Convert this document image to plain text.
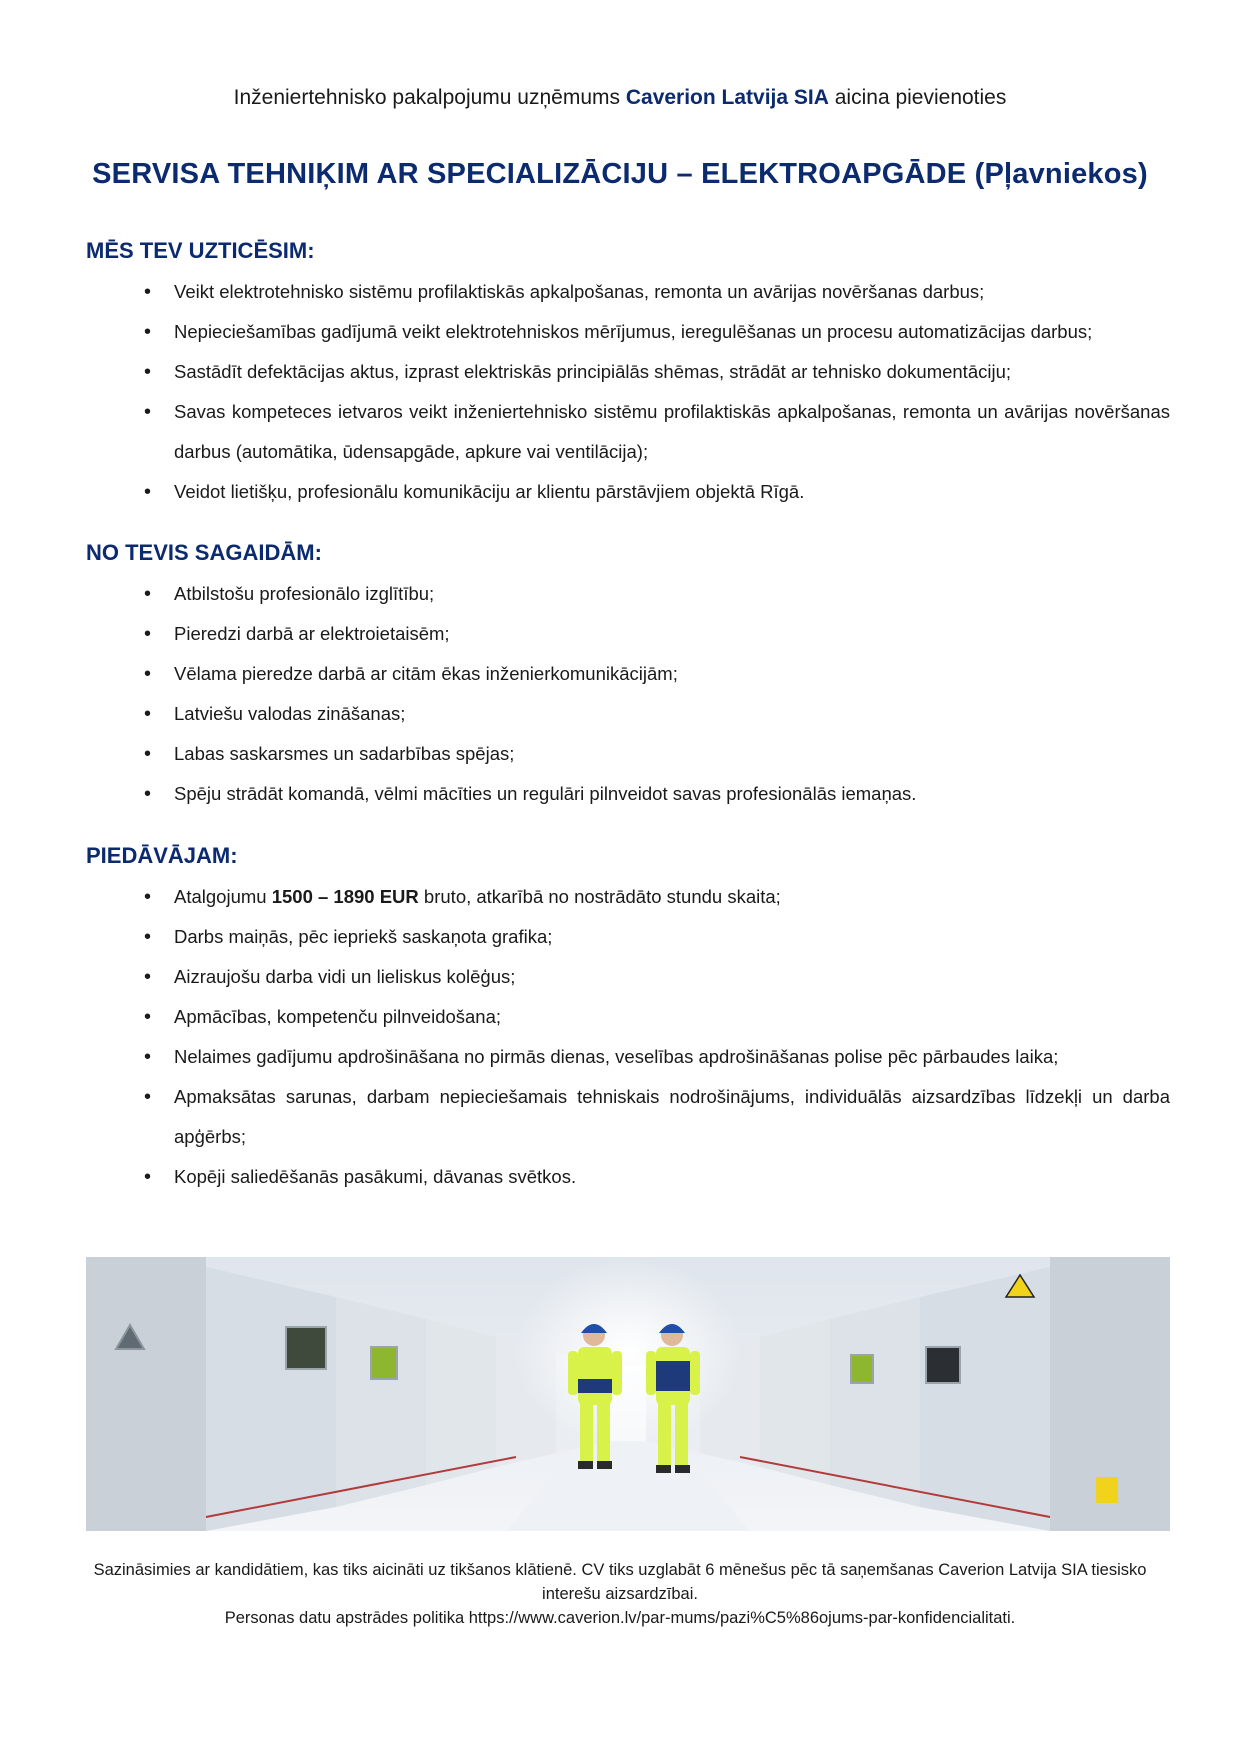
Inženiertehnisko pakalpojumu uzņēmums Caverion Latvija SIA aicina pievienoties
SERVISA TEHNIĶIM AR SPECIALIZĀCIJU – ELEKTROAPGĀDE (Pļavniekos)
MĒS TEV UZTICĒSIM:
• Veikt elektrotehnisko sistēmu profilaktiskās apkalpošanas, remonta un avārijas novēršanas darbus;
• Nepieciešamības gadījumā veikt elektrotehniskos mērījumus, ieregulēšanas un procesu automatizācijas darbus;
• Sastādīt defektācijas aktus, izprast elektriskās principiālās shēmas, strādāt ar tehnisko dokumentāciju;
• Savas kompeteces ietvaros veikt inženiertehnisko sistēmu profilaktiskās apkalpošanas, remonta un avārijas novēršanas darbus (automātika, ūdensapgāde, apkure vai ventilācija);
• Veidot lietišķu, profesionālu komunikāciju ar klientu pārstāvjiem objektā Rīgā.
NO TEVIS SAGAIDĀM:
• Atbilstošu profesionālo izglītību;
• Pieredzi darbā ar elektroietaisēm;
• Vēlama pieredze darbā ar citām ēkas inženierkomunikācijām;
• Latviešu valodas zināšanas;
• Labas saskarsmes un sadarbības spējas;
• Spēju strādāt komandā, vēlmi mācīties un regulāri pilnveidot savas profesionālās iemaņas.
PIEDĀVĀJAM:
• Atalgojumu 1500 – 1890 EUR bruto, atkarībā no nostrādāto stundu skaita;
• Darbs maiņās, pēc iepriekš saskaņota grafika;
• Aizraujošu darba vidi un lieliskus kolēģus;
• Apmācības, kompetenču pilnveidošana;
• Nelaimes gadījumu apdrošināšana no pirmās dienas, veselības apdrošināšanas polise pēc pārbaudes laika;
• Apmaksātas sarunas, darbam nepieciešamais tehniskais nodrošinājums, individuālās aizsardzības līdzekļi un darba apģērbs;
• Kopēji saliedēšanās pasākumi, dāvanas svētkos.

Sazināsimies ar kandidātiem, kas tiks aicināti uz tikšanos klātienē. CV tiks uzglabāt 6 mēnešus pēc tā saņemšanas Caverion Latvija SIA tiesisko interešu aizsardzībai.

Personas datu apstrādes politika https://www.caverion.lv/par-mums/pazi%C5%86ojums-par-konfidencialitati.
